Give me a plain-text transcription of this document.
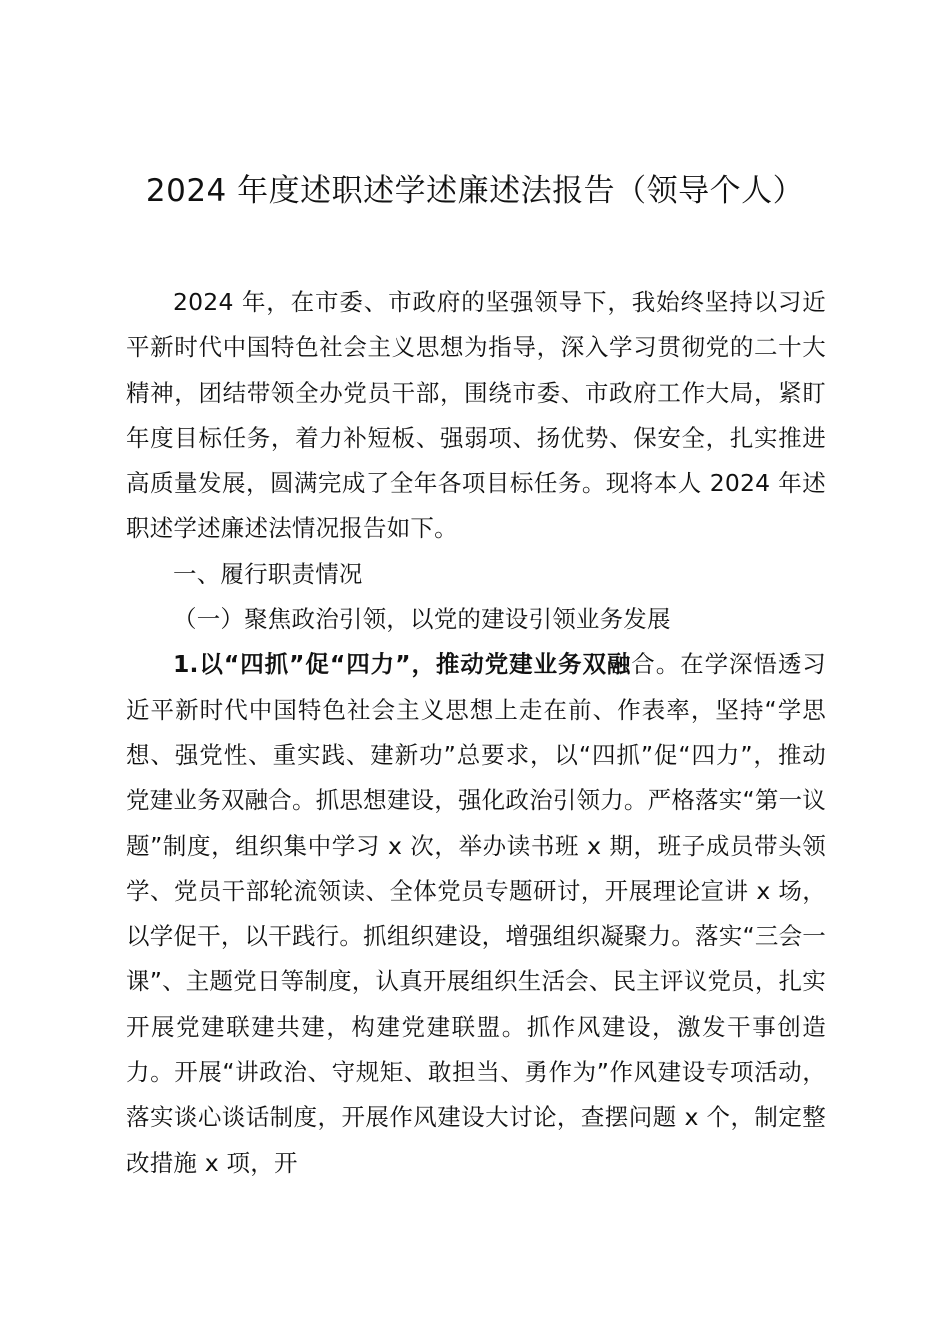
2024 年度述职述学述廉述法报告（领导个人）

2024 年，在市委、市政府的坚强领导下，我始终坚持以习近平新时代中国特色社会主义思想为指导，深入学习贯彻党的二十大精神，团结带领全办党员干部，围绕市委、市政府工作大局，紧盯年度目标任务，着力补短板、强弱项、扬优势、保安全，扎实推进高质量发展，圆满完成了全年各项目标任务。现将本人 2024 年述职述学述廉述法情况报告如下。

一、履行职责情况

（一）聚焦政治引领，以党的建设引领业务发展

1.以“四抓”促“四力”，推动党建业务双融合。在学深悟透习近平新时代中国特色社会主义思想上走在前、作表率，坚持“学思想、强党性、重实践、建新功”总要求，以“四抓”促“四力”，推动党建业务双融合。抓思想建设，强化政治引领力。严格落实“第一议题”制度，组织集中学习 x 次，举办读书班 x 期，班子成员带头领学、党员干部轮流领读、全体党员专题研讨，开展理论宣讲 x 场，以学促干，以干践行。抓组织建设，增强组织凝聚力。落实“三会一课”、主题党日等制度，认真开展组织生活会、民主评议党员，扎实开展党建联建共建，构建党建联盟。抓作风建设，激发干事创造力。开展“讲政治、守规矩、敢担当、勇作为”作风建设专项活动，落实谈心谈话制度，开展作风建设大讨论，查摆问题 x 个，制定整改措施 x 项，开
